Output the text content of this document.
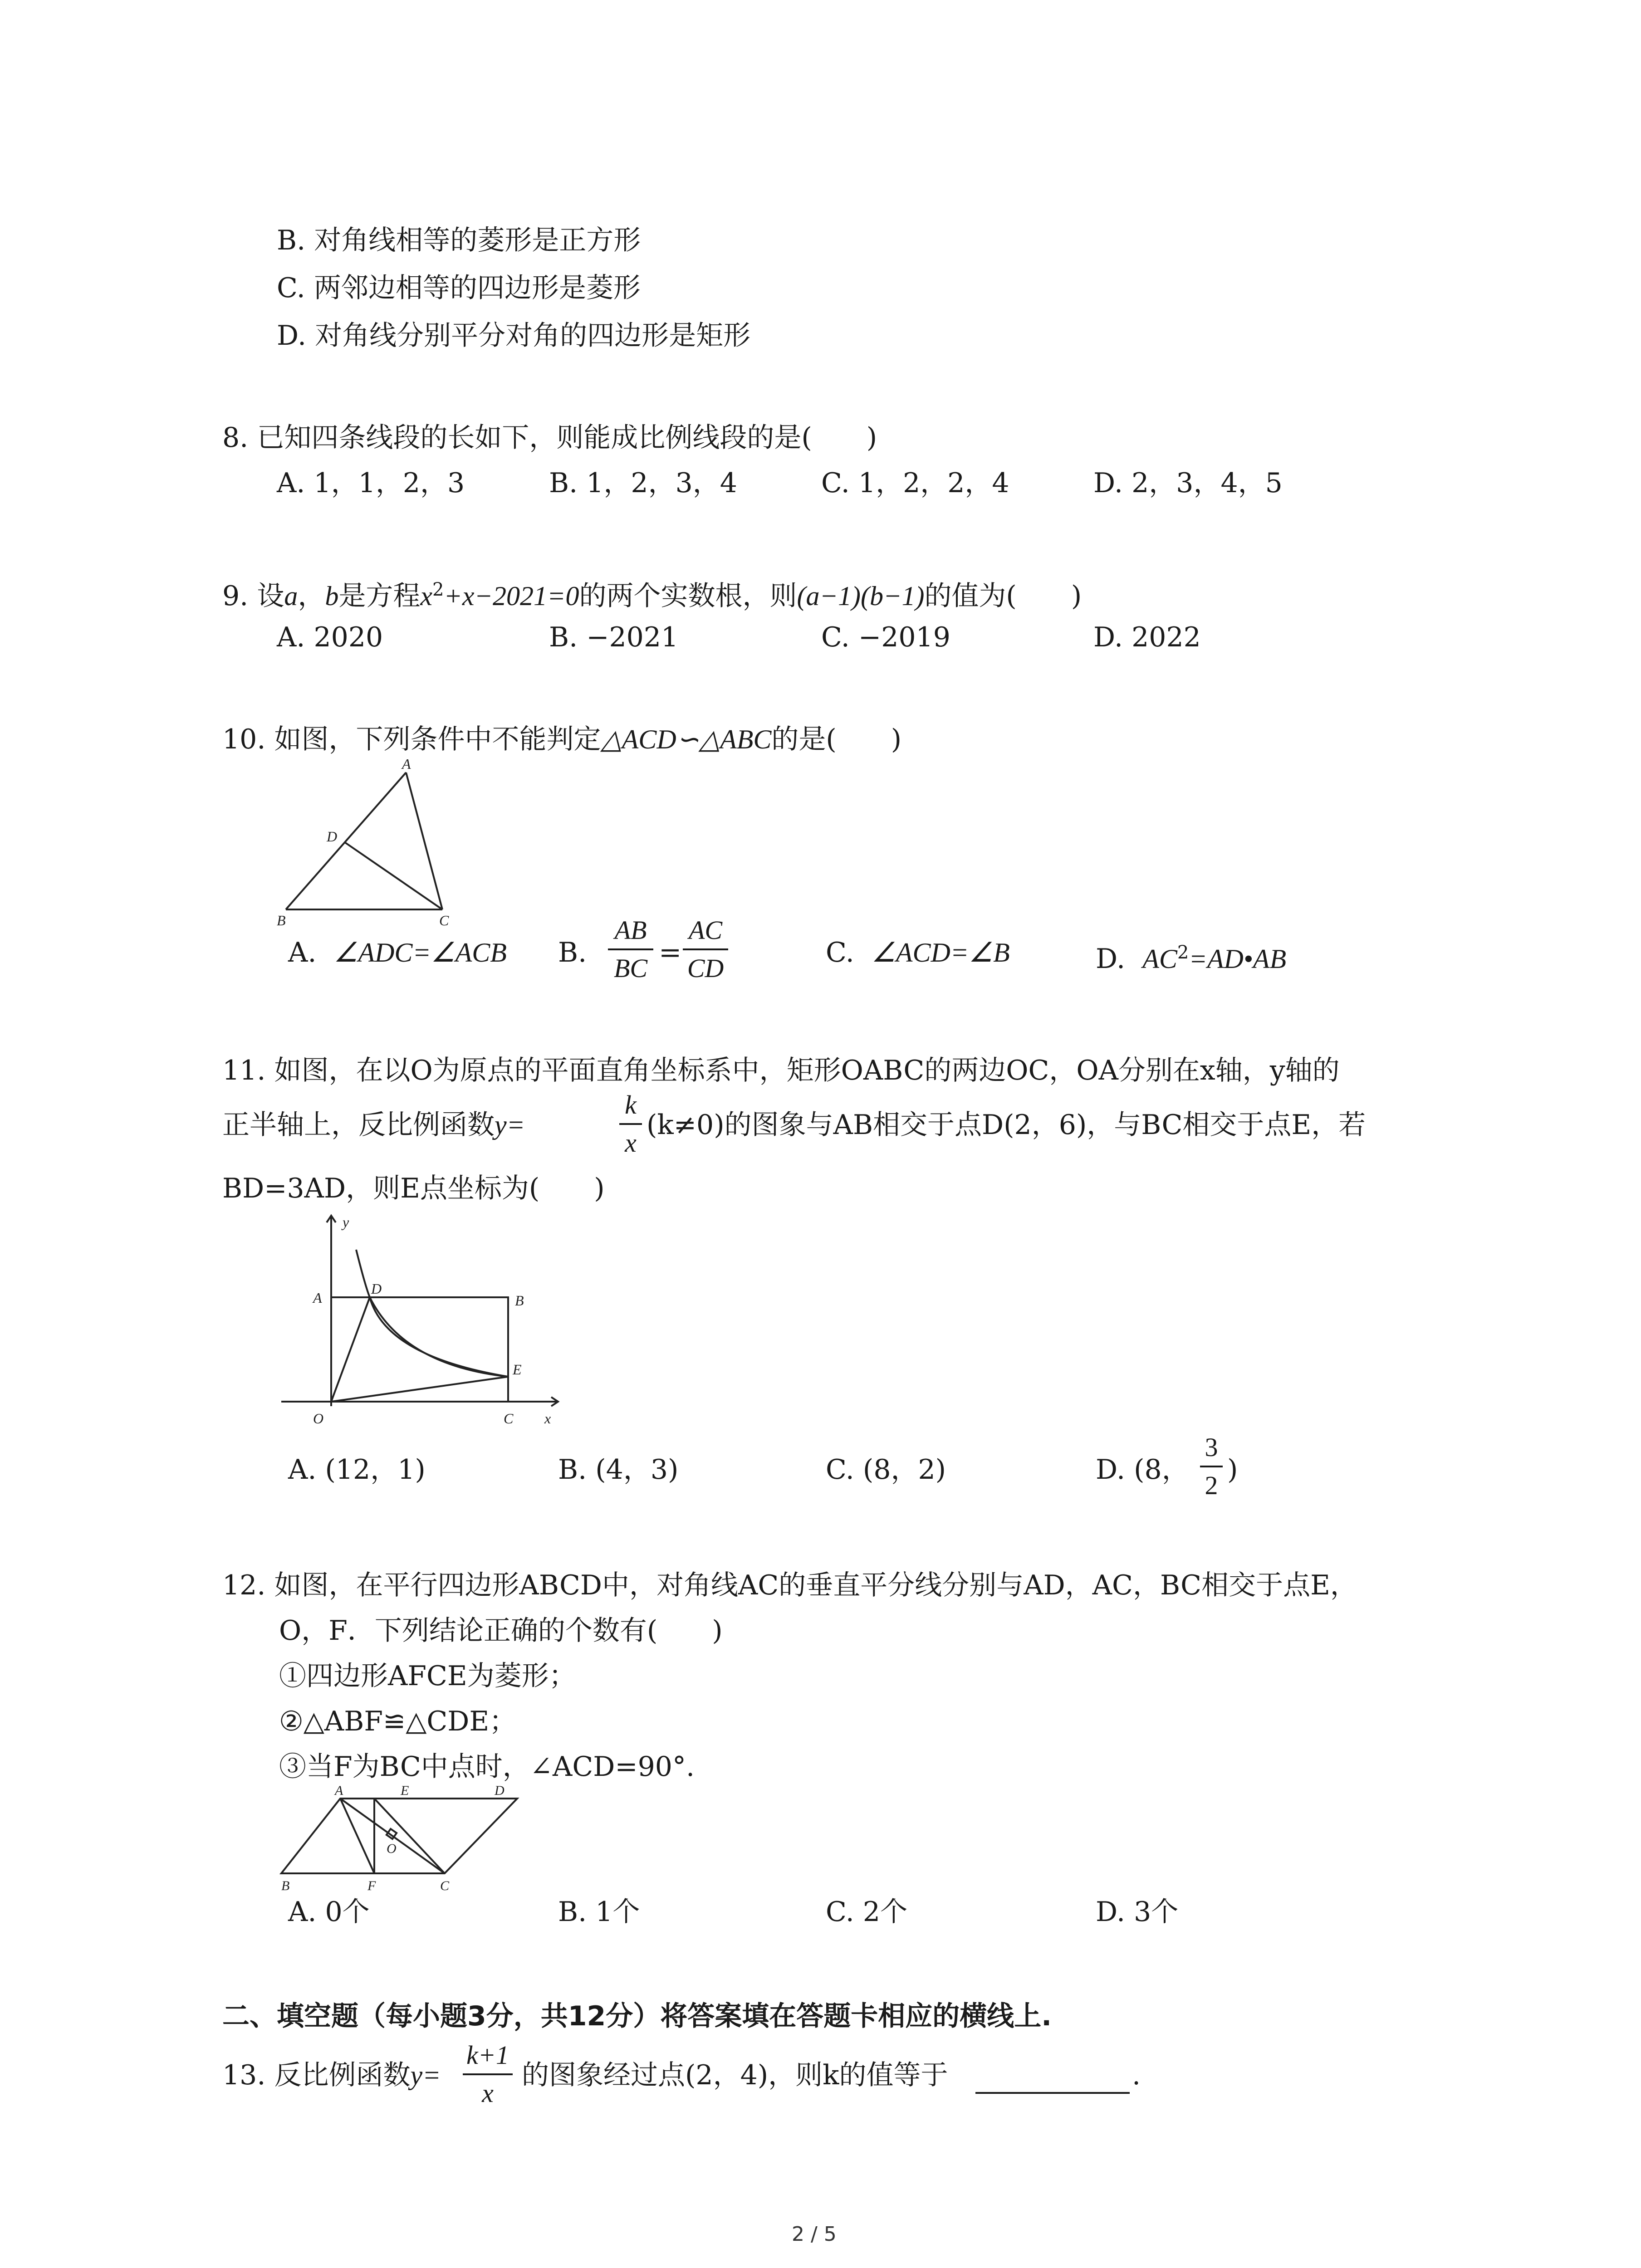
B. 对角线相等的菱形是正方形
C. 两邻边相等的四边形是菱形
D. 对角线分别平分对角的四边形是矩形
8. 已知四条线段的长如下，则能成比例线段的是(　　)
A. 1，1，2，3	B. 1，2，3，4	C. 1，2，2，4	D. 2，3，4，5
9. 设a，b是方程$x^2+x-2021=0$的两个实数根，则(a−1)(b−1)的值为(　　)
A. 2020	B. −2021	C. −2019	D. 2022
10. 如图，下列条件中不能判定△ACD∽△ABC的是(　　)
A
D
B	C
A. ∠ADC=∠ACB B.
AB
BC =
AC
CD	C. ∠ACD=∠B	D. $AC^2=AD•AB$
11. 如图，在以O为原点的平面直角坐标系中，矩形OABC的两边OC，OA分别在x轴，y轴的
正半轴上，反比例函数y=
k
x
(k≠0)的图象与AB相交于点D(2，6)，与BC相交于点E，若
BD=3AD，则E点坐标为(　　)
y
x
A	B
D
E
C
O
A. (12，1)	B. (4，3)	C. (8，2)	D. (8，
3
2 )
12. 如图，在平行四边形ABCD中，对角线AC的垂直平分线分别与AD，AC，BC相交于点E，
O，F．下列结论正确的个数有(　　)
①四边形AFCE为菱形；
②△ABF≌△CDE；
③当F为BC中点时，∠ACD=90°.
A	E	D
O
B	F	C
A. 0个	B. 1个	C. 2个	D. 3个
二、填空题（每小题3分，共12分）将答案填在答题卡相应的横线上.
13. 反比例函数y=
k+1
x
的图象经过点(2，4)，则k的值等于	.
2 / 5
